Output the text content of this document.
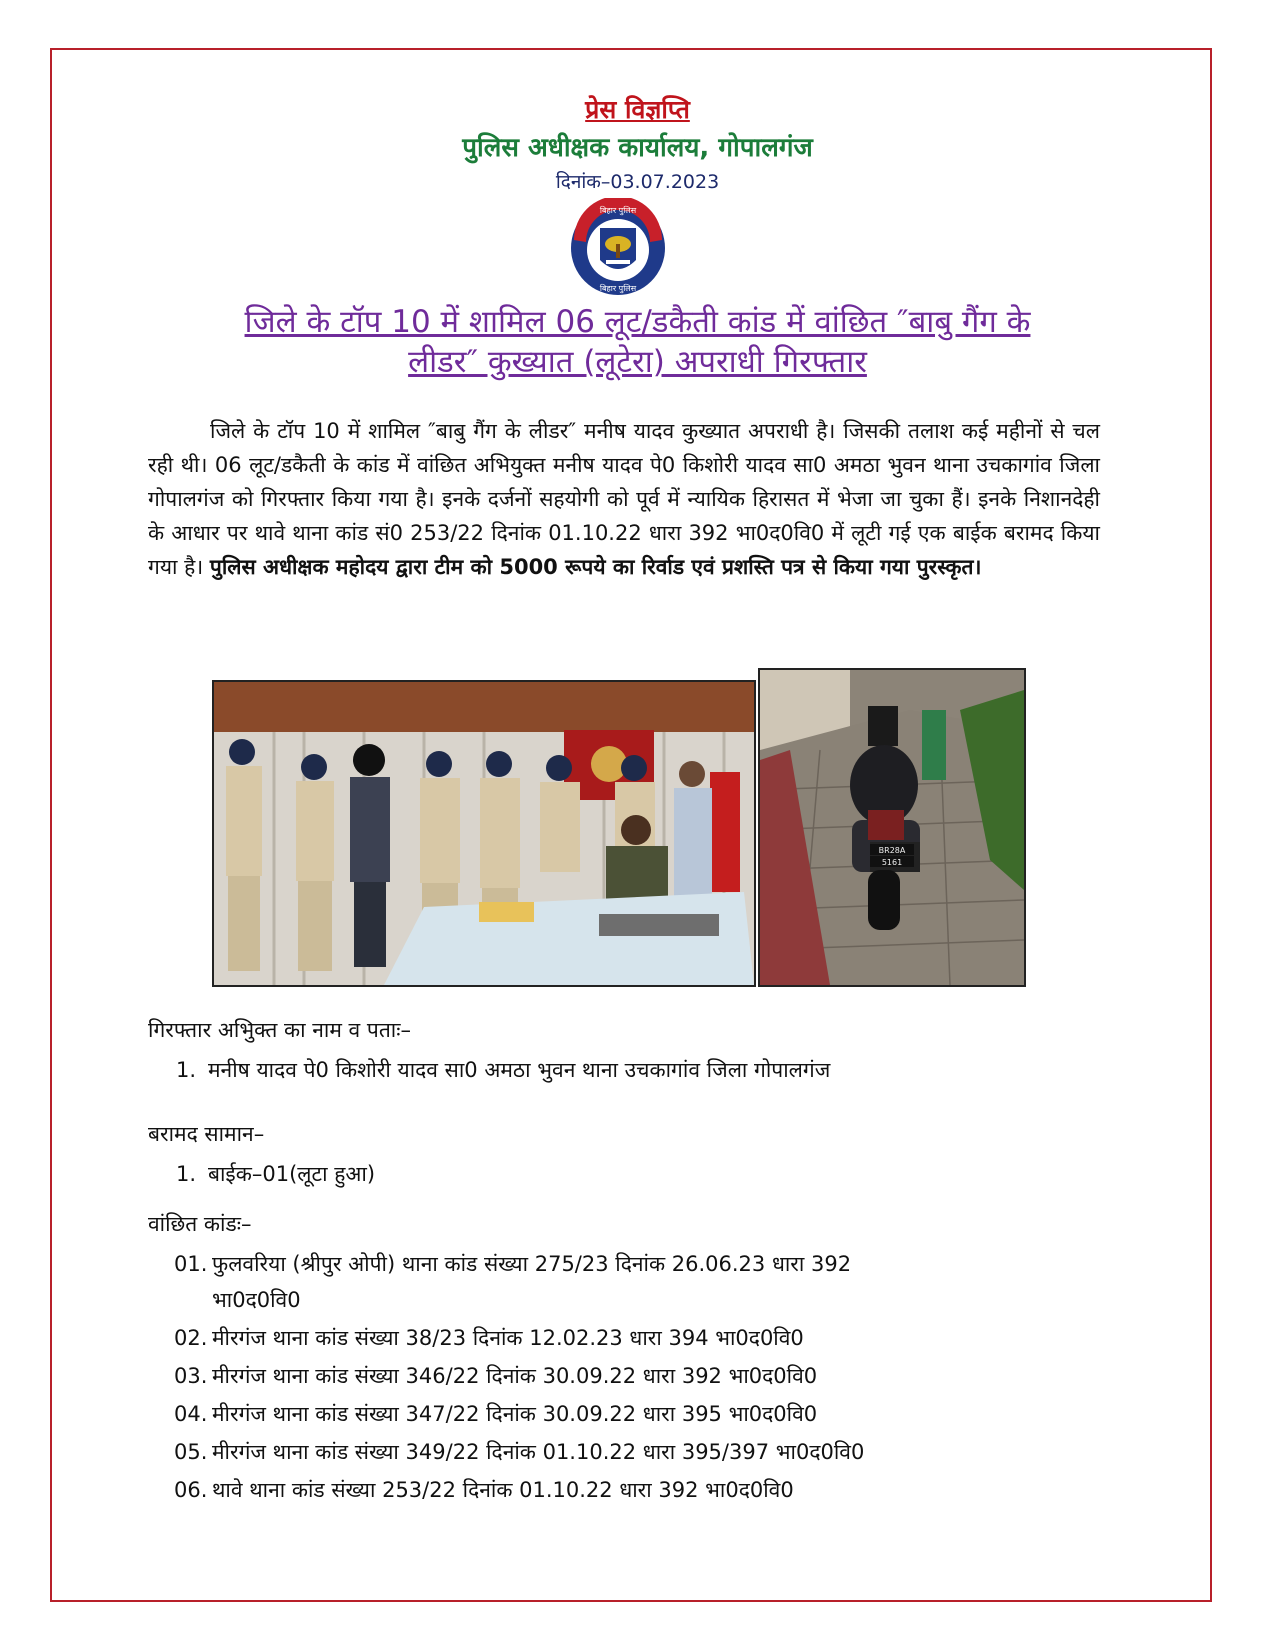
प्रेस विज्ञप्ति
पुलिस अधीक्षक कार्यालय, गोपालगंज
दिनांक–03.07.2023
बिहार पुलिस
बिहार पुलिस
जिले के टॉप 10 में शामिल 06 लूट/डकैती कांड में वांछित ″बाबु गैंग के
लीडर″ कुख्यात (लूटेरा) अपराधी गिरफ्तार

जिले के टॉप 10 में शामिल ″बाबु गैंग के लीडर″ मनीष यादव कुख्यात अपराधी है। जिसकी तलाश कई महीनों से चल रही थी। 06 लूट/डकैती के कांड में वांछित अभियुक्त मनीष यादव पे0 किशोरी यादव सा0 अमठा भुवन थाना उचकागांव जिला गोपालगंज को गिरफ्तार किया गया है। इनके दर्जनों सहयोगी को पूर्व में न्यायिक हिरासत में भेजा जा चुका हैं। इनके निशानदेही के आधार पर थावे थाना कांड सं0 253/22 दिनांक 01.10.22 धारा 392 भा0द0वि0 में लूटी गई एक बाईक बरामद किया गया है। पुलिस अधीक्षक महोदय द्वारा टीम को 5000 रूपये का रिर्वाड एवं प्रशस्ति पत्र से किया गया पुरस्कृत।

BR28A
5161
गिरफ्तार अभिुक्त का नाम व पताः–
1. मनीष यादव पे0 किशोरी यादव सा0 अमठा भुवन थाना उचकागांव जिला गोपालगंज
बरामद सामान–
1. बाईक–01(लूटा हुआ)
वांछित कांडः–
01. फुलवरिया (श्रीपुर ओपी) थाना कांड संख्या 275/23 दिनांक 26.06.23 धारा 392
भा0द0वि0
02. मीरगंज थाना कांड संख्या 38/23 दिनांक 12.02.23 धारा 394 भा0द0वि0
03. मीरगंज थाना कांड संख्या 346/22 दिनांक 30.09.22 धारा 392 भा0द0वि0
04. मीरगंज थाना कांड संख्या 347/22 दिनांक 30.09.22 धारा 395 भा0द0वि0
05. मीरगंज थाना कांड संख्या 349/22 दिनांक 01.10.22 धारा 395/397 भा0द0वि0
06. थावे थाना कांड संख्या 253/22 दिनांक 01.10.22 धारा 392 भा0द0वि0
